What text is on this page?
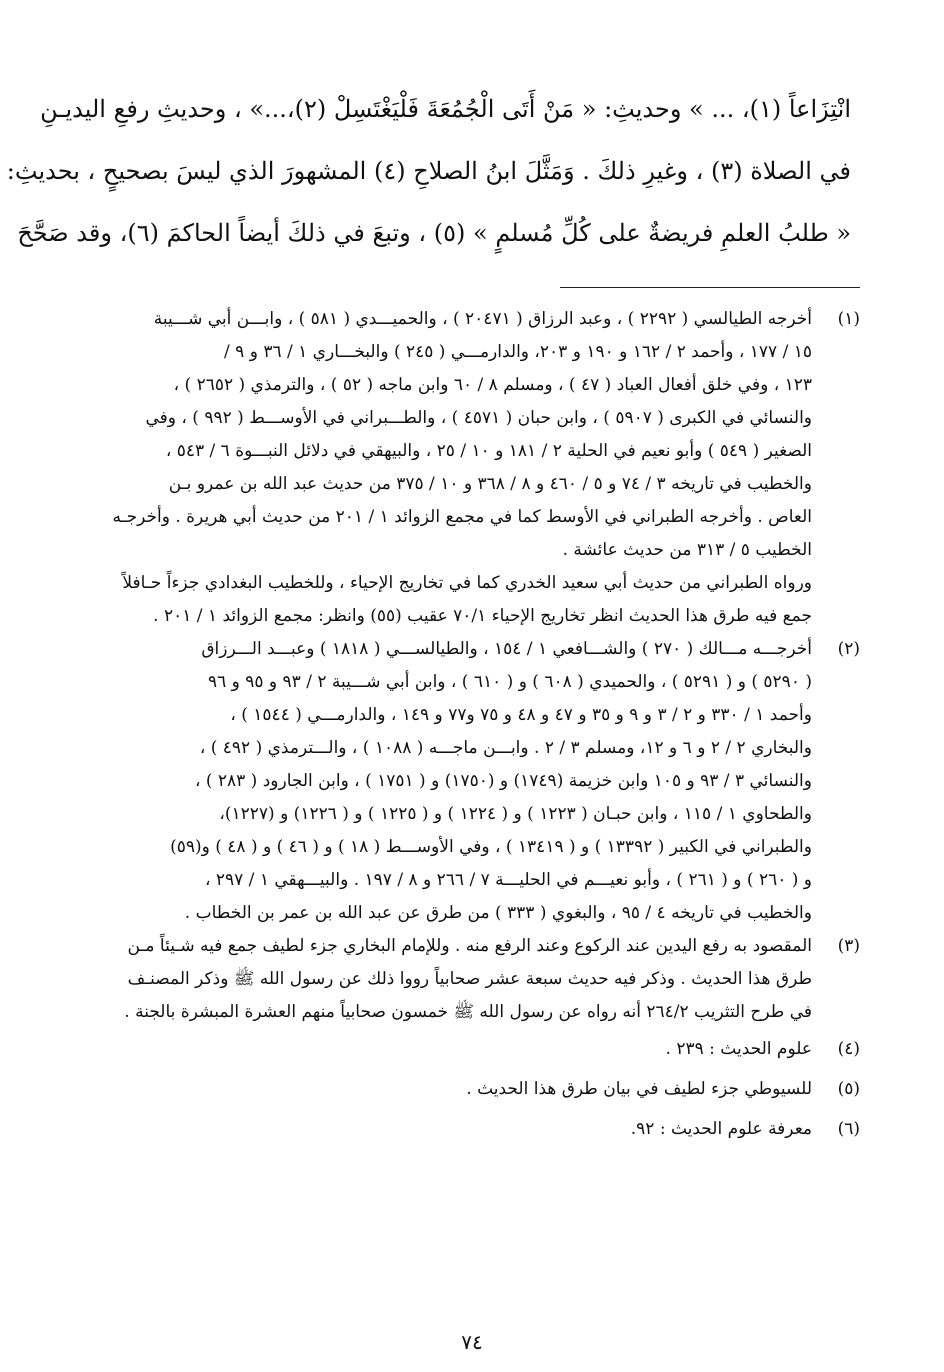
انْتِزَاعاً (١)، ... » وحديثِ: « مَنْ أَتَى الْجُمُعَةَ فَلْيَغْتَسِلْ (٢)،...» ، وحديثِ رفعِ اليديـنِ
في الصلاة (٣) ، وغيرِ ذلكَ . وَمَثَّلَ ابنُ الصلاحِ (٤) المشهورَ الذي ليسَ بصحيحٍ ، بحديثِ:
« طلبُ العلمِ فريضةٌ على كُلِّ مُسلمٍ » (٥) ، وتبعَ في ذلكَ أيضاً الحاكمَ (٦)، وقد صَحَّحَ
(١)
أخرجه الطيالسي ( ٢٢٩٢ ) ، وعبد الرزاق ( ٢٠٤٧١ ) ، والحميـــدي ( ٥٨١ ) ، وابـــن أبي شـــيبة
١٥ / ١٧٧ ، وأحمد ٢ / ١٦٢ و ١٩٠ و ٢٠٣، والدارمـــي ( ٢٤٥ ) والبخـــاري ١ / ٣٦ و ٩ /
١٢٣ ، وفي خلق أفعال العباد ( ٤٧ ) ، ومسلم ٨ / ٦٠ وابن ماجه ( ٥٢ ) ، والترمذي ( ٢٦٥٢ ) ،
والنسائي في الكبرى ( ٥٩٠٧ ) ، وابن حبان ( ٤٥٧١ ) ، والطـــبراني في الأوســـط ( ٩٩٢ ) ، وفي
الصغير ( ٥٤٩ ) وأبو نعيم في الحلية ٢ / ١٨١ و ١٠ / ٢٥ ، والبيهقي في دلائل النبـــوة ٦ / ٥٤٣ ،
والخطيب في تاريخه ٣ / ٧٤ و ٥ / ٤٦٠ و ٨ / ٣٦٨ و ١٠ / ٣٧٥ من حديث عبد الله بن عمرو بـن
العاص . وأخرجه الطبراني في الأوسط كما في مجمع الزوائد ١ / ٢٠١ من حديث أبي هريرة . وأخرجـه
الخطيب ٥ / ٣١٣ من حديث عائشة .
ورواه الطبراني من حديث أبي سعيد الخدري كما في تخاريج الإحياء ، وللخطيب البغدادي جزءاً حـافلاً
جمع فيه طرق هذا الحديث انظر تخاريج الإحياء ٧٠/١ عقيب (٥٥) وانظر: مجمع الزوائد ١ / ٢٠١ .
(٢)
أخرجـــه مـــالك ( ٢٧٠ ) والشـــافعي ١ / ١٥٤ ، والطيالســـي ( ١٨١٨ ) وعبـــد الـــرزاق
( ٥٢٩٠ ) و ( ٥٢٩١ ) ، والحميدي ( ٦٠٨ ) و ( ٦١٠ ) ، وابن أبي شـــيبة ٢ / ٩٣ و ٩٥ و ٩٦
وأحمد ١ / ٣٣٠ و ٢ / ٣ و ٩ و ٣٥ و ٤٧ و ٤٨ و ٧٥ و٧٧ و ١٤٩ ، والدارمـــي ( ١٥٤٤ ) ،
والبخاري ٢ / ٢ و ٦ و ١٢، ومسلم ٣ / ٢ . وابـــن ماجـــه ( ١٠٨٨ ) ، والـــترمذي ( ٤٩٢ ) ،
والنسائي ٣ / ٩٣ و ١٠٥ وابن خزيمة (١٧٤٩) و (١٧٥٠) و ( ١٧٥١ ) ، وابن الجارود ( ٢٨٣ ) ،
والطحاوي ١ / ١١٥ ، وابن حبـان ( ١٢٢٣ ) و ( ١٢٢٤ ) و ( ١٢٢٥ ) و ( ١٢٢٦) و (١٢٢٧)،
والطبراني في الكبير ( ١٣٣٩٢ ) و ( ١٣٤١٩ ) ، وفي الأوســـط ( ١٨ ) و ( ٤٦ ) و ( ٤٨ ) و(٥٩)
و ( ٢٦٠ ) و ( ٢٦١ ) ، وأبو نعيـــم في الحليـــة ٧ / ٢٦٦ و ٨ / ١٩٧ . والبيـــهقي ١ / ٢٩٧ ،
والخطيب في تاريخه ٤ / ٩٥ ، والبغوي ( ٣٣٣ ) من طرق عن عبد الله بن عمر بن الخطاب .
(٣)
المقصود به رفع اليدين عند الركوع وعند الرفع منه . وللإمام البخاري جزء لطيف جمع فيه شـيئاً مـن
طرق هذا الحديث . وذكر فيه حديث سبعة عشر صحابياً رووا ذلك عن رسول الله ﷺ وذكر المصنـف
في طرح التثريب ٢٦٤/٢ أنه رواه عن رسول الله ﷺ خمسون صحابياً منهم العشرة المبشرة بالجنة .
(٤)
علوم الحديث : ٢٣٩ .
(٥)
للسيوطي جزء لطيف في بيان طرق هذا الحديث .
(٦)
معرفة علوم الحديث : ٩٢.
٧٤
